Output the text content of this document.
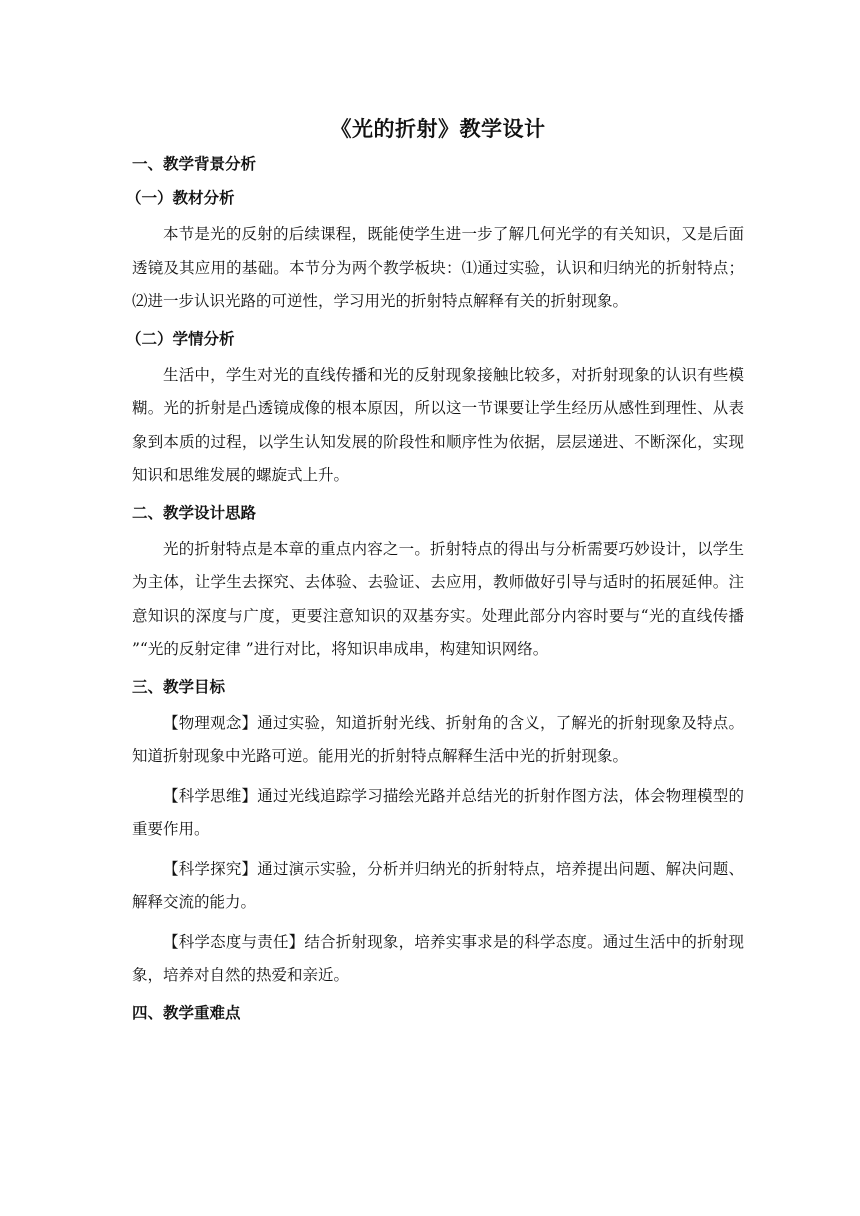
《光的折射》教学设计
一、教学背景分析
（一）教材分析

本节是光的反射的后续课程，既能使学生进一步了解几何光学的有关知识，又是后面透镜及其应用的基础。本节分为两个教学板块：⑴通过实验，认识和归纳光的折射特点；⑵进一步认识光路的可逆性，学习用光的折射特点解释有关的折射现象。

（二）学情分析

生活中，学生对光的直线传播和光的反射现象接触比较多，对折射现象的认识有些模糊。光的折射是凸透镜成像的根本原因，所以这一节课要让学生经历从感性到理性、从表象到本质的过程，以学生认知发展的阶段性和顺序性为依据，层层递进、不断深化，实现知识和思维发展的螺旋式上升。

二、教学设计思路

光的折射特点是本章的重点内容之一。折射特点的得出与分析需要巧妙设计，以学生为主体，让学生去探究、去体验、去验证、去应用，教师做好引导与适时的拓展延伸。注意知识的深度与广度，更要注意知识的双基夯实。处理此部分内容时要与“光的直线传播 ”“光的反射定律 ”进行对比，将知识串成串，构建知识网络。

三、教学目标

【物理观念】通过实验，知道折射光线、折射角的含义，了解光的折射现象及特点。知道折射现象中光路可逆。能用光的折射特点解释生活中光的折射现象。

【科学思维】通过光线追踪学习描绘光路并总结光的折射作图方法，体会物理模型的重要作用。

【科学探究】通过演示实验，分析并归纳光的折射特点，培养提出问题、解决问题、解释交流的能力。

【科学态度与责任】结合折射现象，培养实事求是的科学态度。通过生活中的折射现象，培养对自然的热爱和亲近。

四、教学重难点
